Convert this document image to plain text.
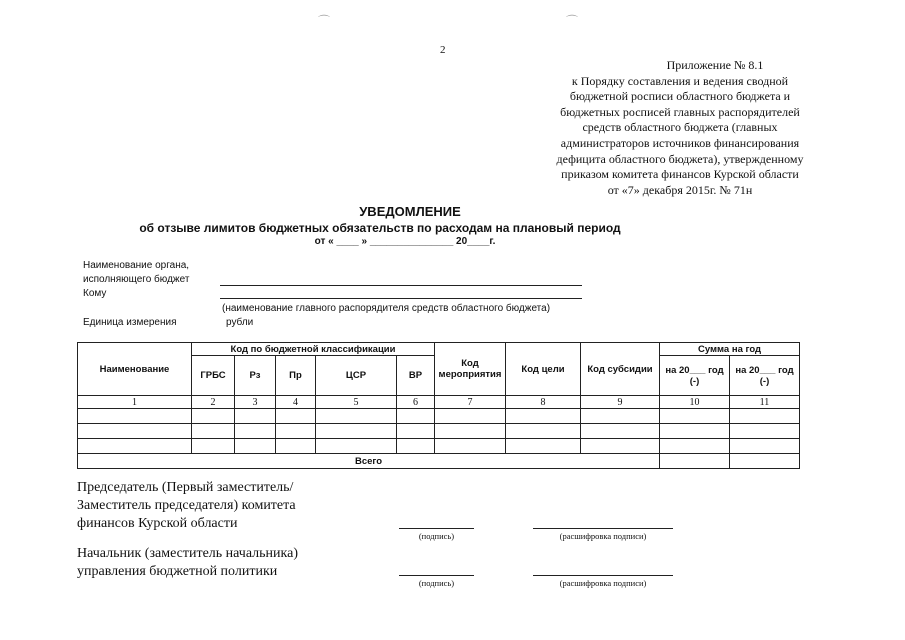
⌒	⌒
2
Приложение № 8.1
к Порядку составления и ведения сводной
бюджетной росписи областного бюджета и
бюджетных росписей главных распорядителей
средств областного бюджета (главных
администраторов источников финансирования
дефицита областного бюджета), утвержденному
приказом комитета финансов Курской области
от «7» декабря 2015г. № 71н
УВЕДОМЛЕНИЕ
об отзыве лимитов бюджетных обязательств по расходам на плановый период
от « ____ » _______________ 20____г.
Наименование органа,
исполняющего бюджет
Кому
(наименование главного распорядителя средств областного бюджета)
Единица измерения	рубли
Наименование	Код по бюджетной классификации					Код мероприятия	Код цели	Код субсидии	Сумма на год	
	ГРБС	Рз	Пр	ЦСР	ВР				на 20___ год (-)	на 20___ год (-)
1	2	3	4	5	6	7	8	9	10	11

Всего										
Председатель (Первый заместитель/
Заместитель председателя) комитета
финансов Курской области
(подпись)	(расшифровка подписи)
Начальник (заместитель начальника)
управления бюджетной политики
(подпись)	(расшифровка подписи)
